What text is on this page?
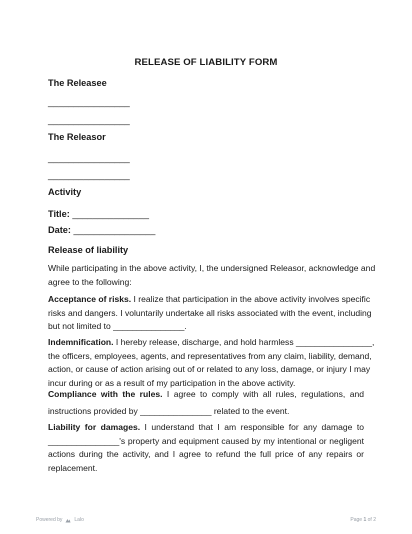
RELEASE OF LIABILITY FORM
The Releasee
________________
________________
The Releasor
________________
________________
Activity
Title: _______________
Date: ________________
Release of liability
While participating in the above activity, I, the undersigned Releasor, acknowledge and
agree to the following:
Acceptance of risks. I realize that participation in the above activity involves specific
risks and dangers. I voluntarily undertake all risks associated with the event, including
but not limited to _______________.
Indemnification. I hereby release, discharge, and hold harmless ________________,
the officers, employees, agents, and representatives from any claim, liability, demand,
action, or cause of action arising out of or related to any loss, damage, or injury I may
incur during or as a result of my participation in the above activity.
Compliance with the rules. I agree to comply with all rules, regulations, and
instructions provided by _______________ related to the event.
Liability for damages. I understand that I am responsible for any damage to
_______________'s property and equipment caused by my intentional or negligent
actions during the activity, and I agree to refund the full price of any repairs or
replacement.
Powered by Lalo	Page 1 of 2
